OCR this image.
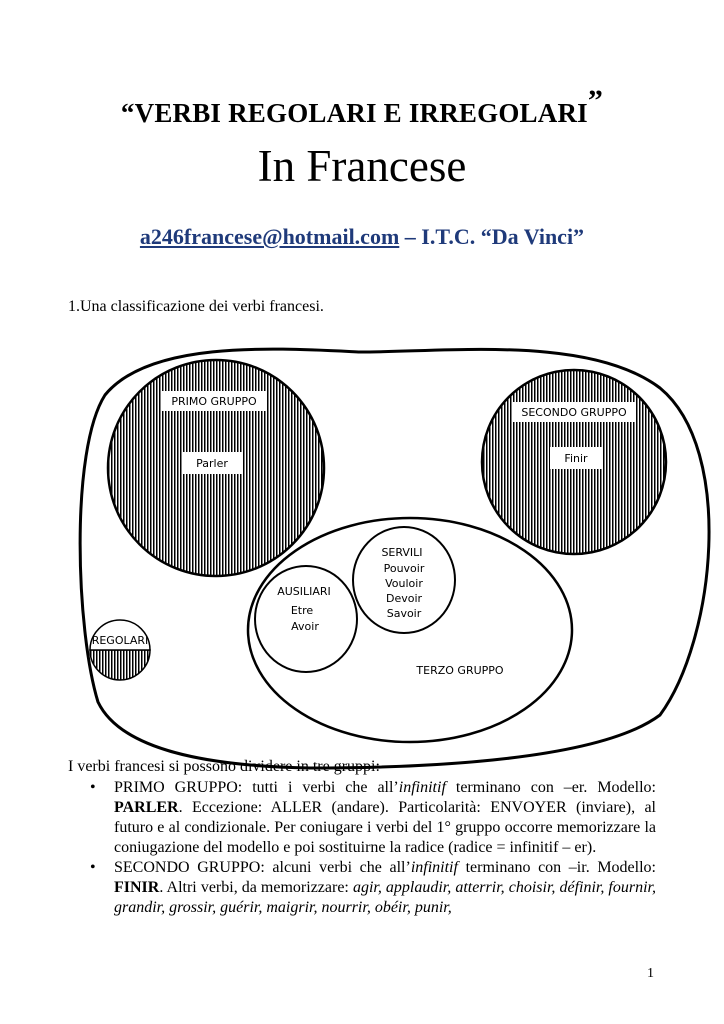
“VERBI REGOLARI E IRREGOLARI”
In Francese
a246francese@hotmail.com – I.T.C. “Da Vinci”
1.Una classificazione dei verbi francesi.
PRIMO GRUPPO
Parler
SECONDO GRUPPO
Finir
SERVILI
Pouvoir
Vouloir
Devoir
Savoir
AUSILIARI
Etre
Avoir
REGOLARI
TERZO GRUPPO
I verbi francesi si possono dividere in tre gruppi:
• PRIMO GRUPPO: tutti i verbi che all’infinitif terminano con –er. Modello: PARLER. Eccezione: ALLER (andare). Particolarità: ENVOYER (inviare), al futuro e al condizionale. Per coniugare i verbi del 1° gruppo occorre memorizzare la coniugazione del modello e poi sostituirne la radice (radice = infinitif – er).
• SECONDO GRUPPO: alcuni verbi che all’infinitif terminano con –ir. Modello: FINIR. Altri verbi, da memorizzare: agir, applaudir, atterrir, choisir, définir, fournir, grandir, grossir, guérir, maigrir, nourrir, obéir, punir,
1
